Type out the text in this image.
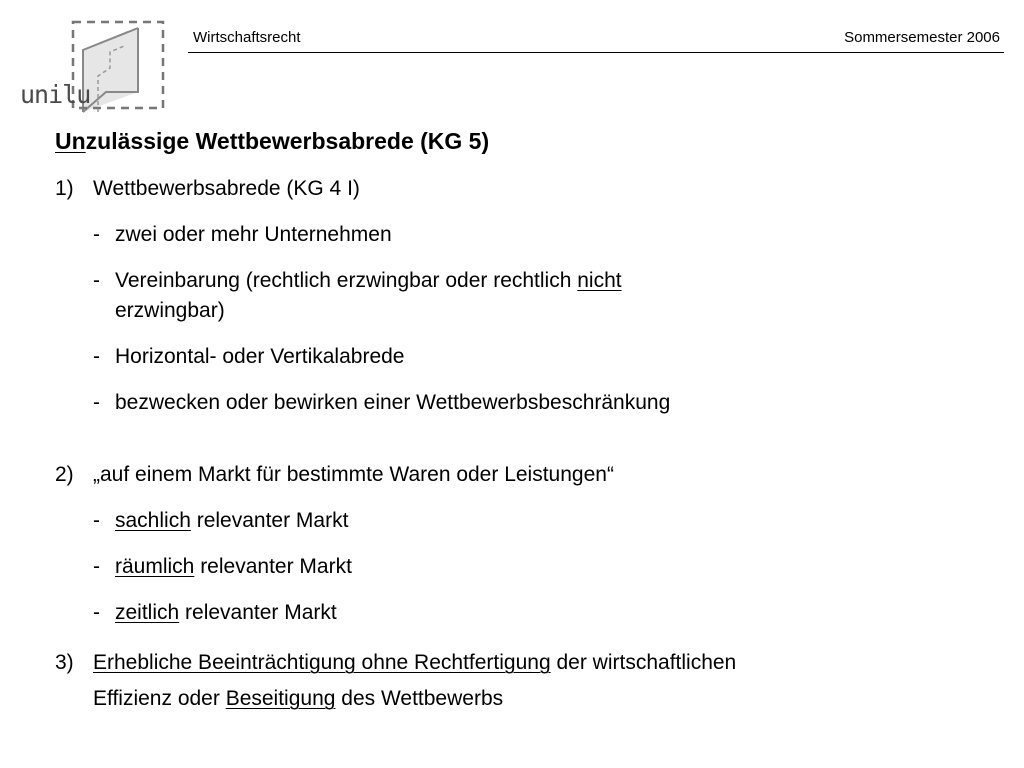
unilu
Wirtschaftsrecht	Sommersemester 2006
Unzulässige Wettbewerbsabrede (KG 5)
1) Wettbewerbsabrede (KG 4 I)
- zwei oder mehr Unternehmen
- Vereinbarung (rechtlich erzwingbar oder rechtlich nicht
erzwingbar)
- Horizontal- oder Vertikalabrede
- bezwecken oder bewirken einer Wettbewerbsbeschränkung
2) „auf einem Markt für bestimmte Waren oder Leistungen“
- sachlich relevanter Markt
- räumlich relevanter Markt
- zeitlich relevanter Markt
3) Erhebliche Beeinträchtigung ohne Rechtfertigung der wirtschaftlichen
Effizienz oder Beseitigung des Wettbewerbs
